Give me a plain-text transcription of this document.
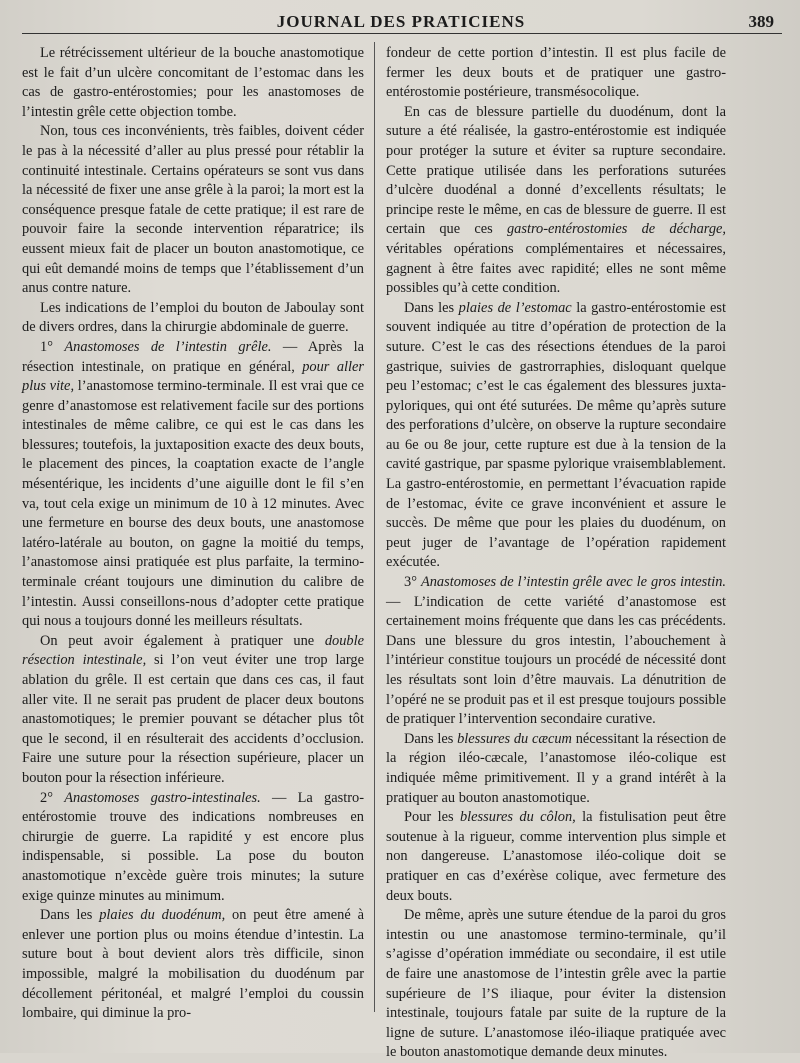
JOURNAL DES PRATICIENS	389

Le rétrécissement ultérieur de la bouche anastomotique est le fait d’un ulcère concomitant de l’estomac dans les cas de gastro-entérostomies; pour les anastomoses de l’intestin grêle cette objection tombe.

Non, tous ces inconvénients, très faibles, doivent céder le pas à la nécessité d’aller au plus pressé pour rétablir la continuité intestinale. Certains opérateurs se sont vus dans la nécessité de fixer une anse grêle à la paroi; la mort est la conséquence presque fatale de cette pratique; il est rare de pouvoir faire la seconde intervention réparatrice; ils eussent mieux fait de placer un bouton anastomotique, ce qui eût demandé moins de temps que l’établissement d’un anus contre nature.

Les indications de l’emploi du bouton de Jaboulay sont de divers ordres, dans la chirurgie abdominale de guerre.

1° Anastomoses de l’intestin grêle. — Après la résection intestinale, on pratique en général, pour aller plus vite, l’anastomose termino-terminale. Il est vrai que ce genre d’anastomose est relativement facile sur des portions intestinales de même calibre, ce qui est le cas dans les blessures; toutefois, la juxtaposition exacte des deux bouts, le placement des pinces, la coaptation exacte de l’angle mésentérique, les incidents d’une aiguille dont le fil s’en va, tout cela exige un minimum de 10 à 12 minutes. Avec une fermeture en bourse des deux bouts, une anastomose latéro-latérale au bouton, on gagne la moitié du temps, l’anastomose ainsi pratiquée est plus parfaite, la termino-terminale créant toujours une diminution du calibre de l’intestin. Aussi conseillons-nous d’adopter cette pratique qui nous a toujours donné les meilleurs résultats.

On peut avoir également à pratiquer une double résection intestinale, si l’on veut éviter une trop large ablation du grêle. Il est certain que dans ces cas, il faut aller vite. Il ne serait pas prudent de placer deux boutons anastomotiques; le premier pouvant se détacher plus tôt que le second, il en résulterait des accidents d’occlusion. Faire une suture pour la résection supérieure, placer un bouton pour la résection inférieure.

2° Anastomoses gastro-intestinales. — La gastro-entérostomie trouve des indications nombreuses en chirurgie de guerre. La rapidité y est encore plus indispensable, si possible. La pose du bouton anastomotique n’excède guère trois minutes; la suture exige quinze minutes au minimum.

Dans les plaies du duodénum, on peut être amené à enlever une portion plus ou moins étendue d’intestin. La suture bout à bout devient alors très difficile, sinon impossible, malgré la mobilisation du duodénum par décollement péritonéal, et malgré l’emploi du coussin lombaire, qui diminue la pro-

fondeur de cette portion d’intestin. Il est plus facile de fermer les deux bouts et de pratiquer une gastro-entérostomie postérieure, transmésocolique.

En cas de blessure partielle du duodénum, dont la suture a été réalisée, la gastro-entérostomie est indiquée pour protéger la suture et éviter sa rupture secondaire. Cette pratique utilisée dans les perforations suturées d’ulcère duodénal a donné d’excellents résultats; le principe reste le même, en cas de blessure de guerre. Il est certain que ces gastro-entérostomies de décharge, véritables opérations complémentaires et nécessaires, gagnent à être faites avec rapidité; elles ne sont même possibles qu’à cette condition.

Dans les plaies de l’estomac la gastro-entérostomie est souvent indiquée au titre d’opération de protection de la suture. C’est le cas des résections étendues de la paroi gastrique, suivies de gastrorraphies, disloquant quelque peu l’estomac; c’est le cas également des blessures juxta-pyloriques, qui ont été suturées. De même qu’après suture des perforations d’ulcère, on observe la rupture secondaire au 6e ou 8e jour, cette rupture est due à la tension de la cavité gastrique, par spasme pylorique vraisemblablement. La gastro-entérostomie, en permettant l’évacuation rapide de l’estomac, évite ce grave inconvénient et assure le succès. De même que pour les plaies du duodénum, on peut juger de l’avantage de l’opération rapidement exécutée.

3° Anastomoses de l’intestin grêle avec le gros intestin. — L’indication de cette variété d’anastomose est certainement moins fréquente que dans les cas précédents. Dans une blessure du gros intestin, l’abouchement à l’intérieur constitue toujours un procédé de nécessité dont les résultats sont loin d’être mauvais. La dénutrition de l’opéré ne se produit pas et il est presque toujours possible de pratiquer l’intervention secondaire curative.

Dans les blessures du cæcum nécessitant la résection de la région iléo-cæcale, l’anastomose iléo-colique est indiquée même primitivement. Il y a grand intérêt à la pratiquer au bouton anastomotique.

Pour les blessures du côlon, la fistulisation peut être soutenue à la rigueur, comme intervention plus simple et non dangereuse. L’anastomose iléo-colique doit se pratiquer en cas d’exérèse colique, avec fermeture des deux bouts.

De même, après une suture étendue de la paroi du gros intestin ou une anastomose termino-terminale, qu’il s’agisse d’opération immédiate ou secondaire, il est utile de faire une anastomose de l’intestin grêle avec la partie supérieure de l’S iliaque, pour éviter la distension intestinale, toujours fatale par suite de la rupture de la ligne de suture. L’anastomose iléo-iliaque pratiquée avec le bouton anastomotique demande deux minutes.
